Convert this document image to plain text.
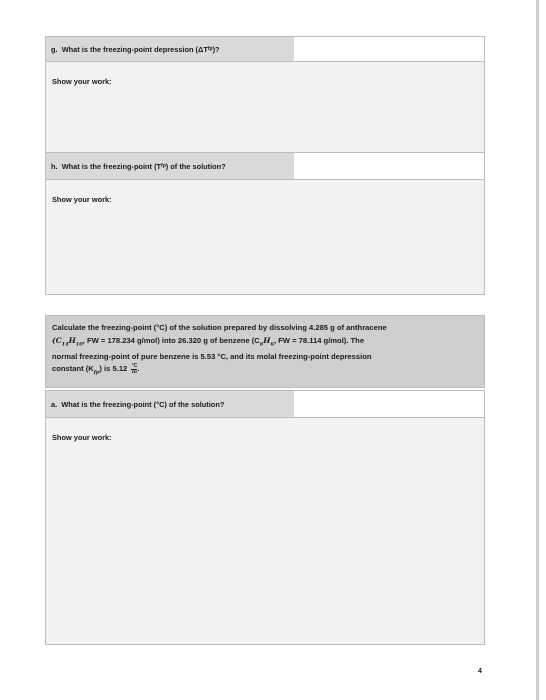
g.
What is the freezing-point depression (ΔT fp )?
Show your work:
h.
What is the freezing-point (T fp ) of the solution?
Show your work:
Calculate the freezing-point (°C) of the solution prepared by dissolving 4.285 g of anthracene
($C_{14}H_{10}$, FW = 178.234 g/mol) into 26.320 g of benzene ($C_6H_6$, FW = 78.114 g/mol). The
normal freezing-point of pure benzene is 5.53 °C, and its molal freezing-point depression
constant $(K_{fp})$ is $5.12 \frac{^\circ C}{m}$ .
a.
What is the freezing-point (°C) of the solution?
Show your work:
4
